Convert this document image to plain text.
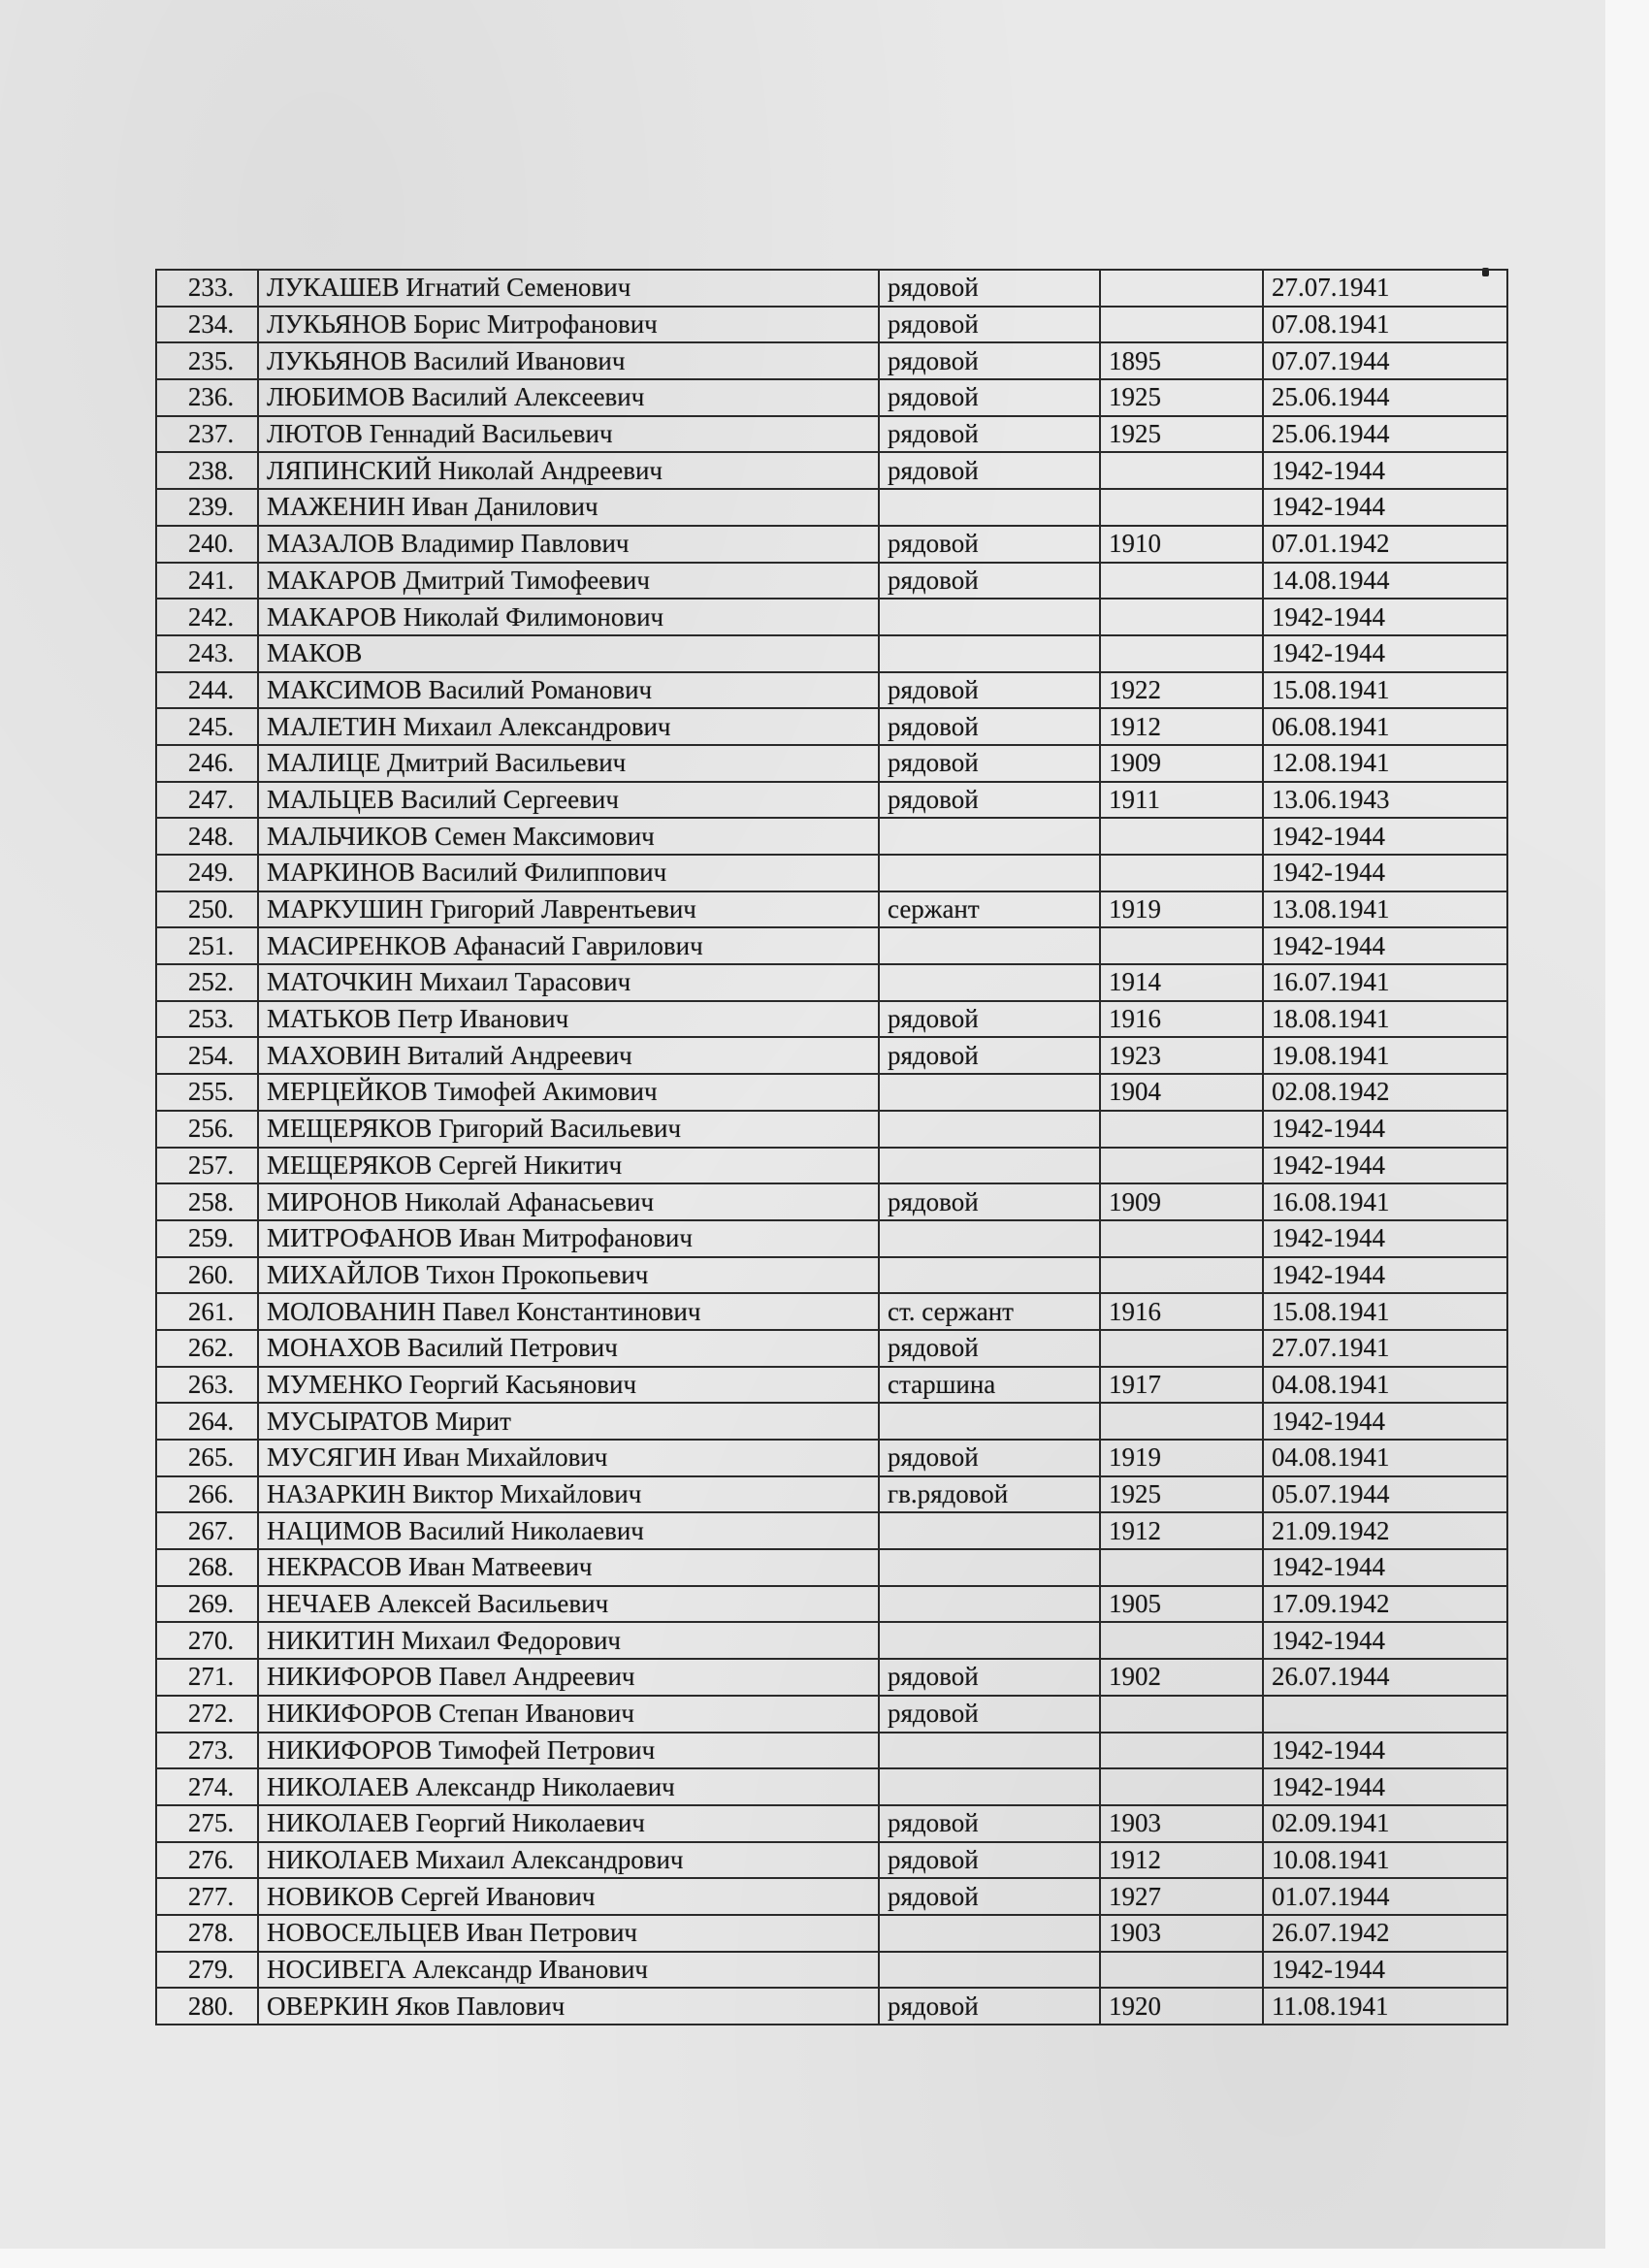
233.	ЛУКАШЕВ Игнатий Семенович	рядовой		27.07.1941
234.	ЛУКЬЯНОВ Борис Митрофанович	рядовой		07.08.1941
235.	ЛУКЬЯНОВ Василий Иванович	рядовой	1895	07.07.1944
236.	ЛЮБИМОВ Василий Алексеевич	рядовой	1925	25.06.1944
237.	ЛЮТОВ Геннадий Васильевич	рядовой	1925	25.06.1944
238.	ЛЯПИНСКИЙ Николай Андреевич	рядовой		1942-1944
239.	МАЖЕНИН Иван Данилович			1942-1944
240.	МАЗАЛОВ Владимир Павлович	рядовой	1910	07.01.1942
241.	МАКАРОВ Дмитрий Тимофеевич	рядовой		14.08.1944
242.	МАКАРОВ Николай Филимонович			1942-1944
243.	МАКОВ			1942-1944
244.	МАКСИМОВ Василий Романович	рядовой	1922	15.08.1941
245.	МАЛЕТИН Михаил Александрович	рядовой	1912	06.08.1941
246.	МАЛИЦЕ Дмитрий Васильевич	рядовой	1909	12.08.1941
247.	МАЛЬЦЕВ Василий Сергеевич	рядовой	1911	13.06.1943
248.	МАЛЬЧИКОВ Семен Максимович			1942-1944
249.	МАРКИНОВ Василий Филиппович			1942-1944
250.	МАРКУШИН Григорий Лаврентьевич	сержант	1919	13.08.1941
251.	МАСИРЕНКОВ Афанасий Гаврилович			1942-1944
252.	МАТОЧКИН Михаил Тарасович		1914	16.07.1941
253.	МАТЬКОВ Петр Иванович	рядовой	1916	18.08.1941
254.	МАХОВИН Виталий Андреевич	рядовой	1923	19.08.1941
255.	МЕРЦЕЙКОВ Тимофей Акимович		1904	02.08.1942
256.	МЕЩЕРЯКОВ Григорий Васильевич			1942-1944
257.	МЕЩЕРЯКОВ Сергей Никитич			1942-1944
258.	МИРОНОВ Николай Афанасьевич	рядовой	1909	16.08.1941
259.	МИТРОФАНОВ Иван Митрофанович			1942-1944
260.	МИХАЙЛОВ Тихон Прокопьевич			1942-1944
261.	МОЛОВАНИН Павел Константинович	ст. сержант	1916	15.08.1941
262.	МОНАХОВ Василий Петрович	рядовой		27.07.1941
263.	МУМЕНКО Георгий Касьянович	старшина	1917	04.08.1941
264.	МУСЫРАТОВ Мирит			1942-1944
265.	МУСЯГИН Иван Михайлович	рядовой	1919	04.08.1941
266.	НАЗАРКИН Виктор Михайлович	гв.рядовой	1925	05.07.1944
267.	НАЦИМОВ Василий Николаевич		1912	21.09.1942
268.	НЕКРАСОВ Иван Матвеевич			1942-1944
269.	НЕЧАЕВ Алексей Васильевич		1905	17.09.1942
270.	НИКИТИН Михаил Федорович			1942-1944
271.	НИКИФОРОВ Павел Андреевич	рядовой	1902	26.07.1944
272.	НИКИФОРОВ Степан Иванович	рядовой		
273.	НИКИФОРОВ Тимофей Петрович			1942-1944
274.	НИКОЛАЕВ Александр Николаевич			1942-1944
275.	НИКОЛАЕВ Георгий Николаевич	рядовой	1903	02.09.1941
276.	НИКОЛАЕВ Михаил Александрович	рядовой	1912	10.08.1941
277.	НОВИКОВ Сергей Иванович	рядовой	1927	01.07.1944
278.	НОВОСЕЛЬЦЕВ Иван Петрович		1903	26.07.1942
279.	НОСИВЕГА Александр Иванович			1942-1944
280.	ОВЕРКИН Яков Павлович	рядовой	1920	11.08.1941
